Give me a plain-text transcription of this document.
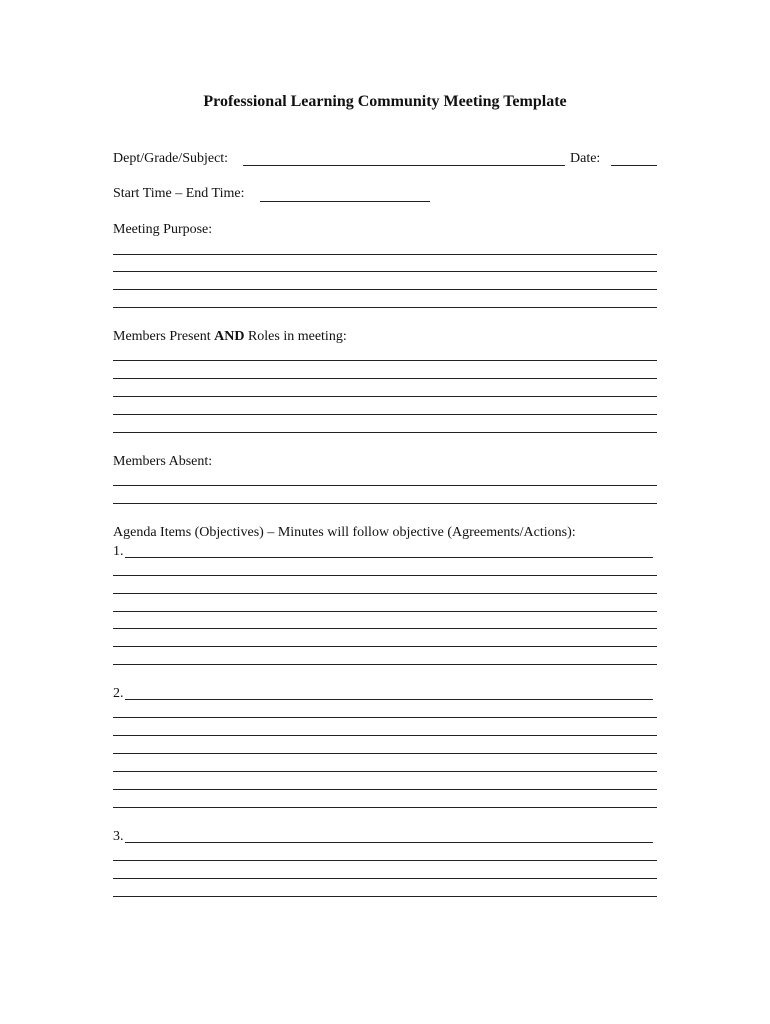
Professional Learning Community Meeting Template
Dept/Grade/Subject:	Date:
Start Time – End Time:
Meeting Purpose:
Members Present AND Roles in meeting:
Members Absent:
Agenda Items (Objectives) – Minutes will follow objective (Agreements/Actions):
1.
2.
3.
